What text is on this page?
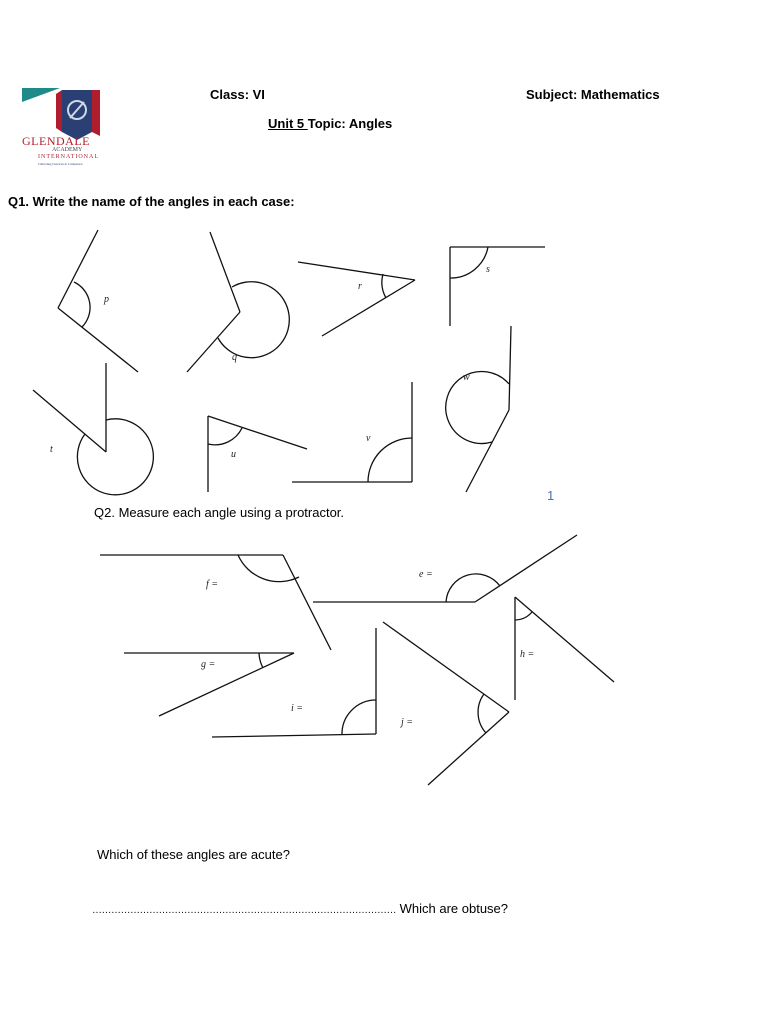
GLENDALE
ACADEMY
INTERNATIONAL
Cultivating Character in Competence
Class: VI	Subject: Mathematics
Unit 5 Topic: Angles
Q1. Write the name of the angles in each case:
p
q
r
s
t	u
v
w
f =
e =
g =
h =
i =
j =
1
Q2. Measure each angle using a protractor.
Which of these angles are acute?
…………………………………………………………………………………… Which are obtuse?
